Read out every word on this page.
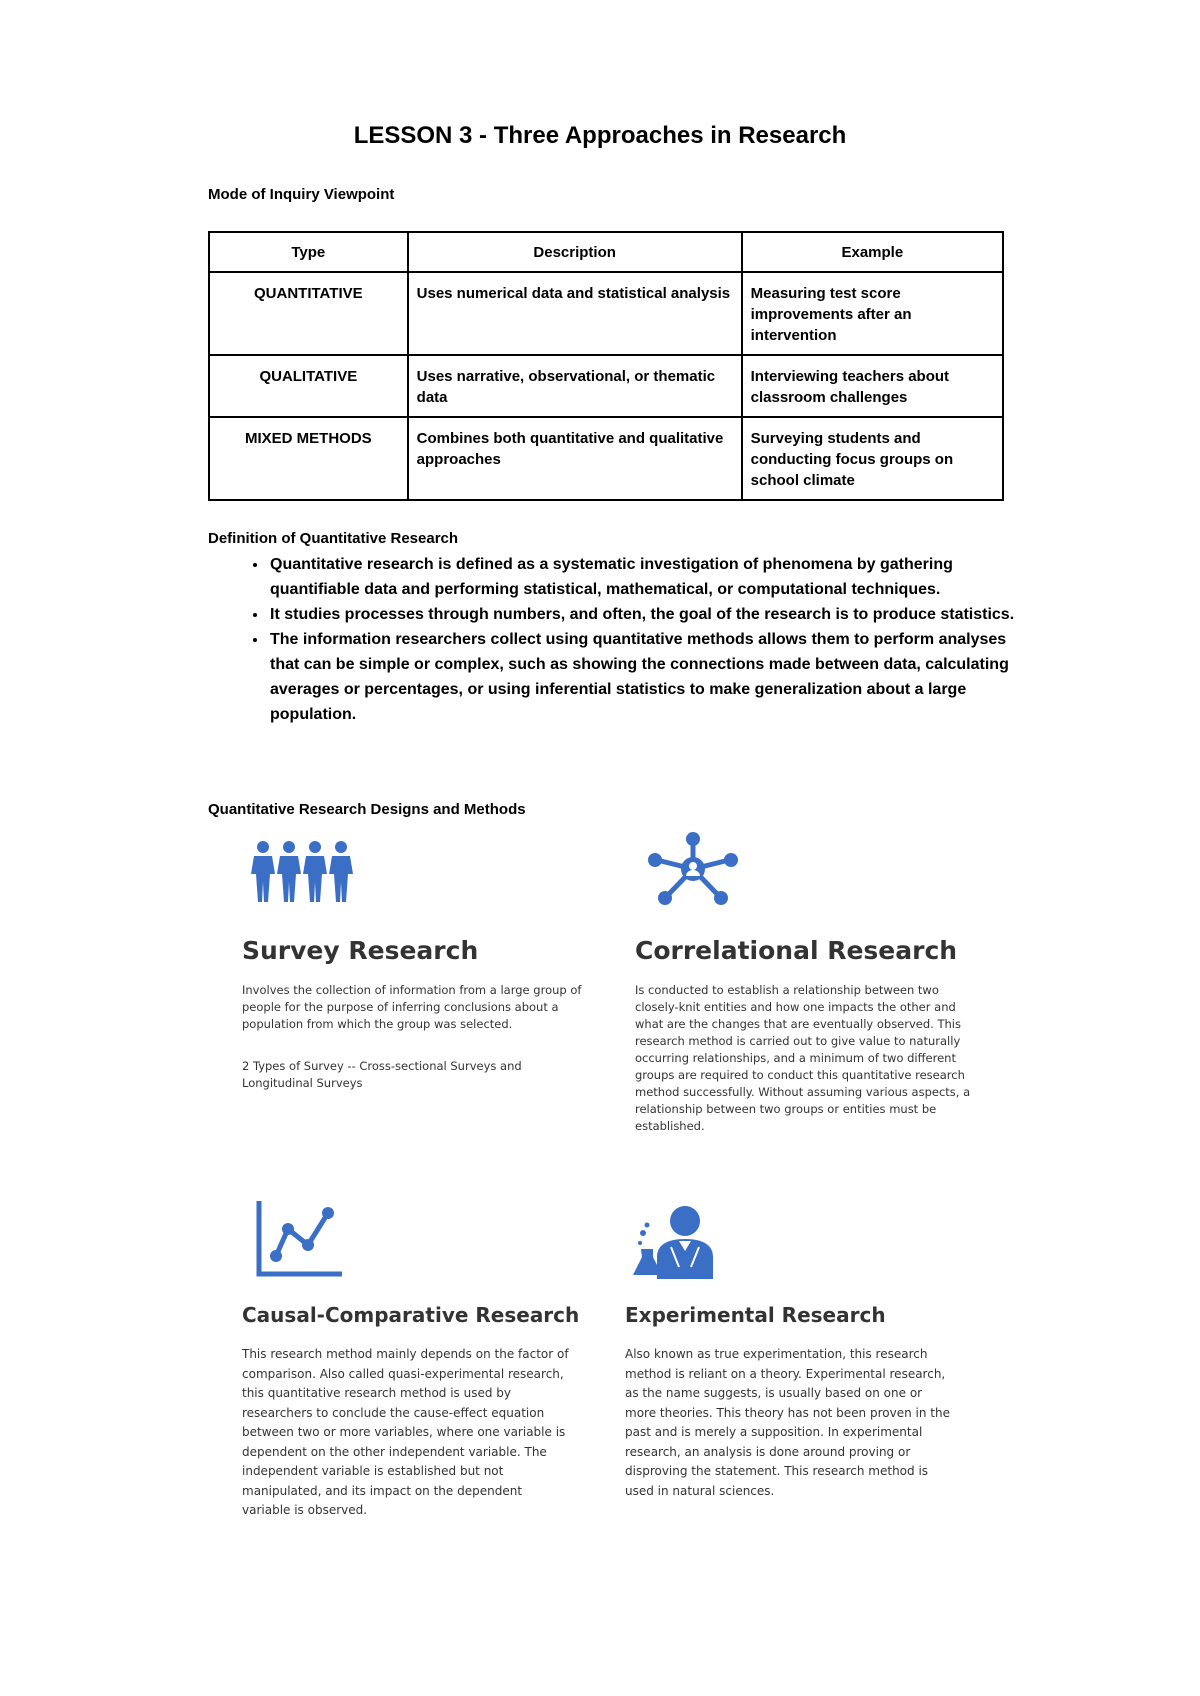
LESSON 3 - Three Approaches in Research
Mode of Inquiry Viewpoint
Type	Description	Example
QUANTITATIVE	Uses numerical data and statistical analysis	Measuring test score improvements after an intervention
QUALITATIVE	Uses narrative, observational, or thematic data	Interviewing teachers about classroom challenges
MIXED METHODS	Combines both quantitative and qualitative approaches	Surveying students and conducting focus groups on school climate
Definition of Quantitative Research
• Quantitative research is defined as a systematic investigation of phenomena by gathering quantifiable data and performing statistical, mathematical, or computational techniques.
• It studies processes through numbers, and often, the goal of the research is to produce statistics.
• The information researchers collect using quantitative methods allows them to perform analyses that can be simple or complex, such as showing the connections made between data, calculating averages or percentages, or using inferential statistics to make generalization about a large population.
Quantitative Research Designs and Methods
Survey Research

Involves the collection of information from a large group of people for the purpose of inferring conclusions about a population from which the group was selected.

2 Types of Survey -- Cross-sectional Surveys and Longitudinal Surveys

Correlational Research

Is conducted to establish a relationship between two closely-knit entities and how one impacts the other and what are the changes that are eventually observed. This research method is carried out to give value to naturally occurring relationships, and a minimum of two different groups are required to conduct this quantitative research method successfully. Without assuming various aspects, a relationship between two groups or entities must be established.

Causal-Comparative Research

This research method mainly depends on the factor of comparison. Also called quasi-experimental research, this quantitative research method is used by researchers to conclude the cause-effect equation between two or more variables, where one variable is dependent on the other independent variable. The independent variable is established but not manipulated, and its impact on the dependent variable is observed.

Experimental Research

Also known as true experimentation, this research method is reliant on a theory. Experimental research, as the name suggests, is usually based on one or more theories. This theory has not been proven in the past and is merely a supposition. In experimental research, an analysis is done around proving or disproving the statement. This research method is used in natural sciences.
